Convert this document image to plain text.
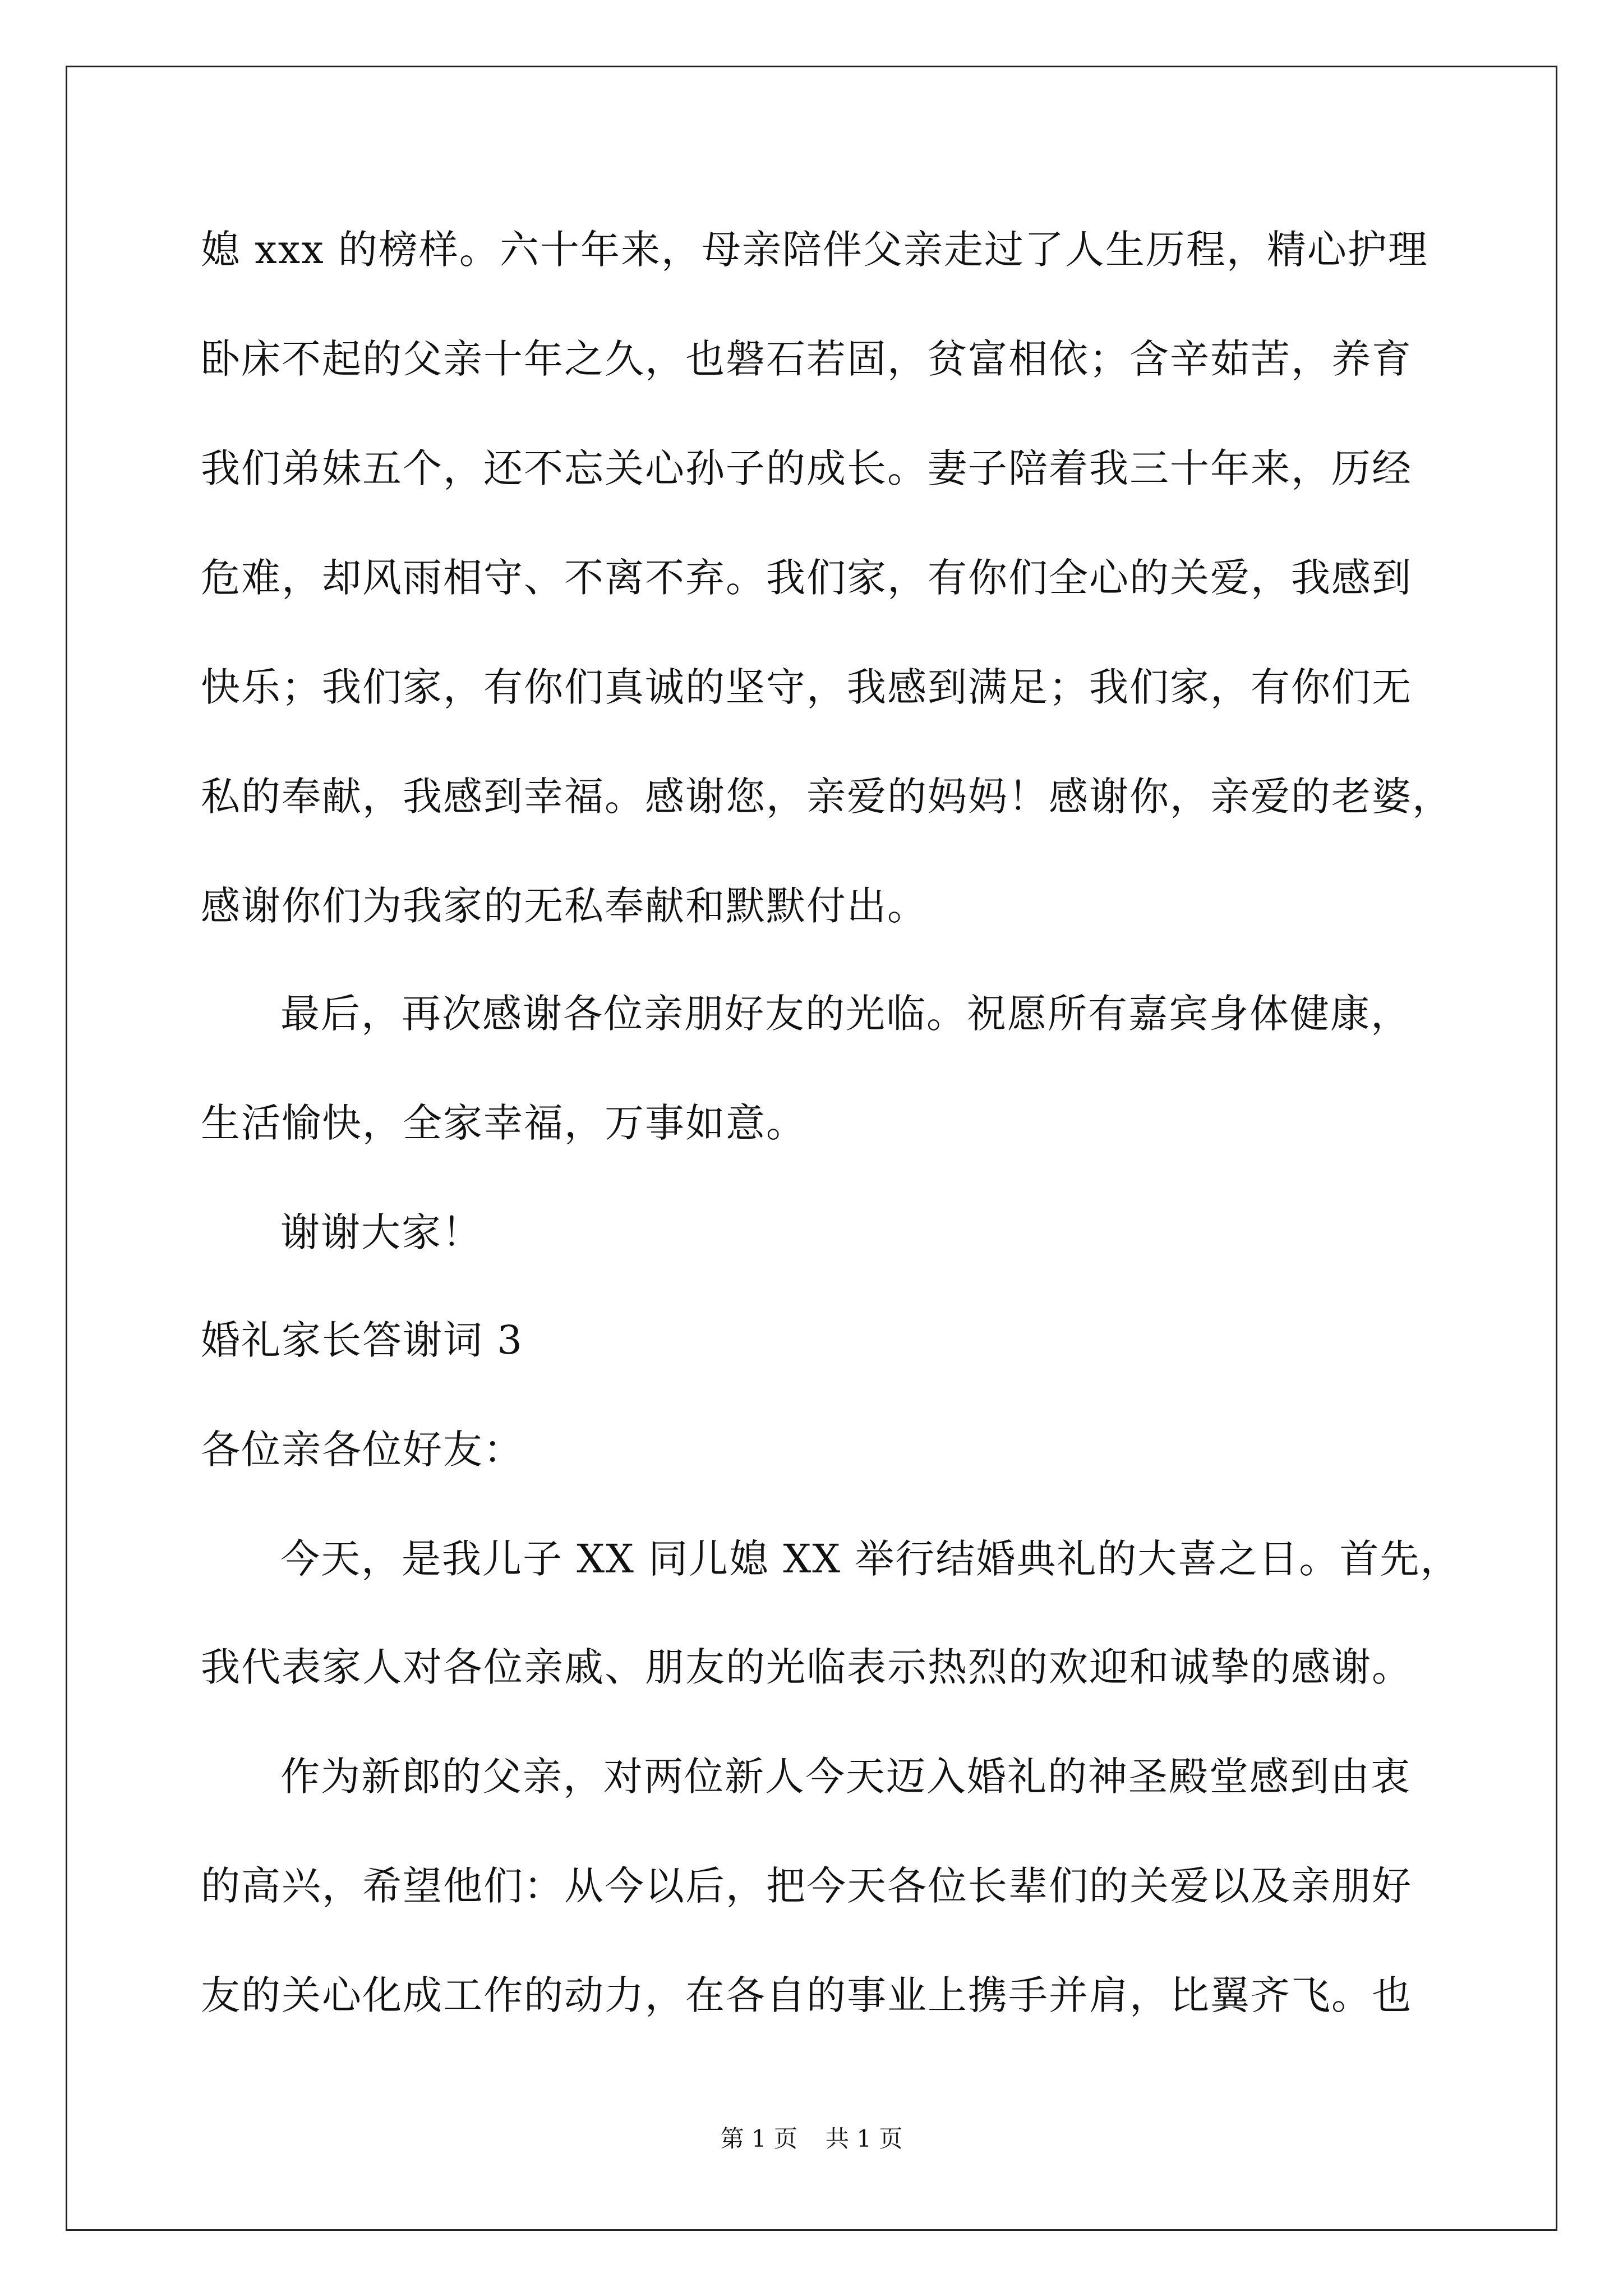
媳 xxx 的榜样。六十年来，母亲陪伴父亲走过了人生历程，精心护理
卧床不起的父亲十年之久，也磐石若固，贫富相依；含辛茹苦，养育
我们弟妹五个，还不忘关心孙子的成长。妻子陪着我三十年来，历经
危难，却风雨相守、不离不弃。我们家，有你们全心的关爱，我感到
快乐；我们家，有你们真诚的坚守，我感到满足；我们家，有你们无
私的奉献，我感到幸福。感谢您，亲爱的妈妈！感谢你，亲爱的老婆，
感谢你们为我家的无私奉献和默默付出。
最后，再次感谢各位亲朋好友的光临。祝愿所有嘉宾身体健康，
生活愉快，全家幸福，万事如意。
谢谢大家！
婚礼家长答谢词 3
各位亲各位好友：
今天，是我儿子 XX 同儿媳 XX 举行结婚典礼的大喜之日。首先，
我代表家人对各位亲戚、朋友的光临表示热烈的欢迎和诚挚的感谢。
作为新郎的父亲，对两位新人今天迈入婚礼的神圣殿堂感到由衷
的高兴，希望他们：从今以后，把今天各位长辈们的关爱以及亲朋好
友的关心化成工作的动力，在各自的事业上携手并肩，比翼齐飞。也
第 1 页 共 1 页
